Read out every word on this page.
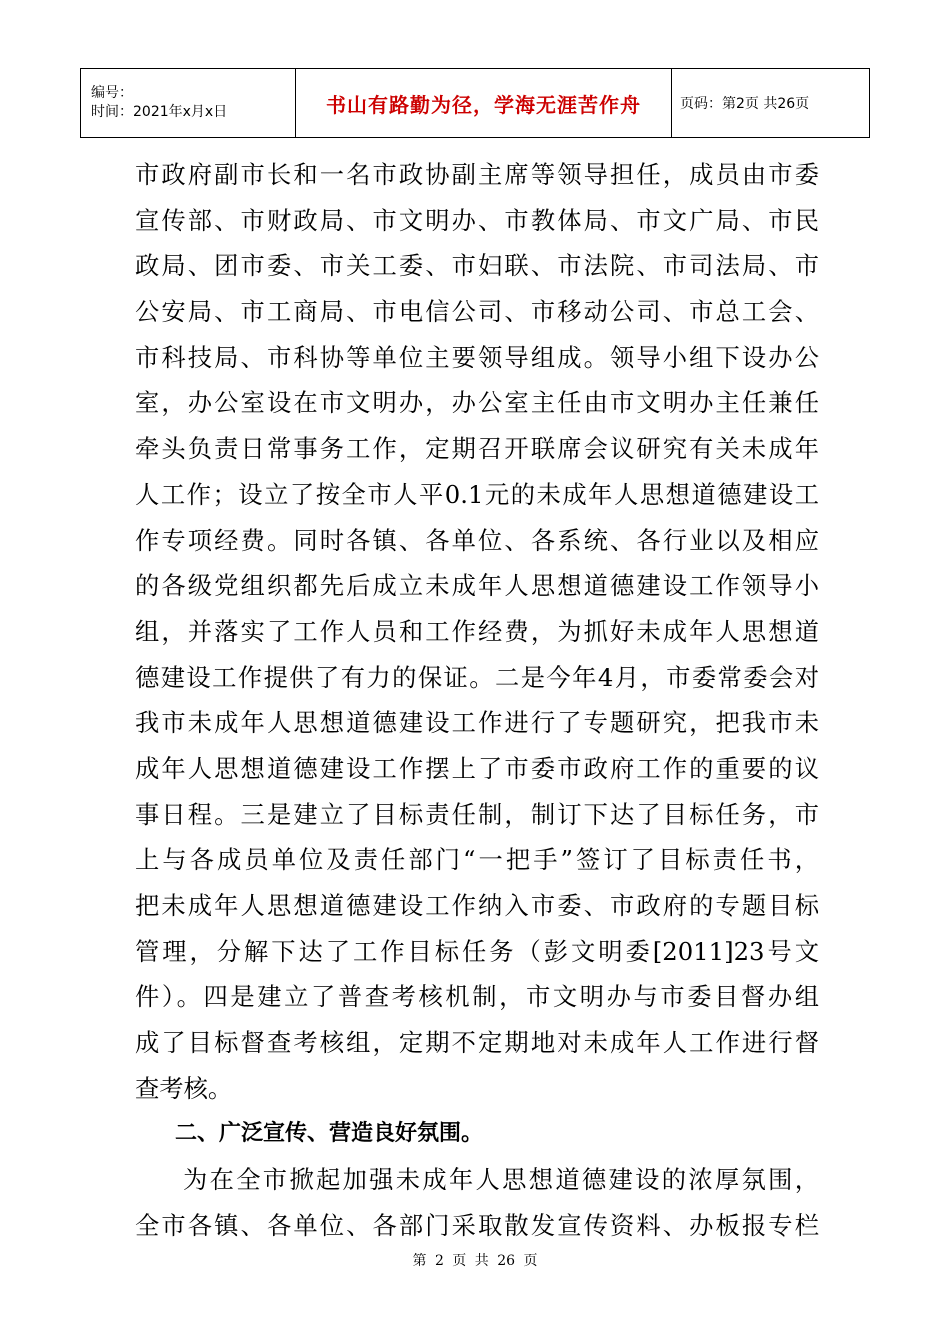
编号：
时间：2021年x月x日	书山有路勤为径，学海无涯苦作舟	页码：第2页 共26页
市政府副市长和一名市政协副主席等领导担任，成员由市委
宣传部、市财政局、市文明办、市教体局、市文广局、市民
政局、团市委、市关工委、市妇联、市法院、市司法局、市
公安局、市工商局、市电信公司、市移动公司、市总工会、
市科技局、市科协等单位主要领导组成。领导小组下设办公
室，办公室设在市文明办，办公室主任由市文明办主任兼任
牵头负责日常事务工作，定期召开联席会议研究有关未成年
人工作；设立了按全市人平0.1元的未成年人思想道德建设工
作专项经费。同时各镇、各单位、各系统、各行业以及相应
的各级党组织都先后成立未成年人思想道德建设工作领导小
组，并落实了工作人员和工作经费，为抓好未成年人思想道
德建设工作提供了有力的保证。二是今年4月，市委常委会对
我市未成年人思想道德建设工作进行了专题研究，把我市未
成年人思想道德建设工作摆上了市委市政府工作的重要的议
事日程。三是建立了目标责任制，制订下达了目标任务，市
上与各成员单位及责任部门“一把手”签订了目标责任书，
把未成年人思想道德建设工作纳入市委、市政府的专题目标
管理，分解下达了工作目标任务（彭文明委[2011]23号文
件）。四是建立了普查考核机制，市文明办与市委目督办组
成了目标督查考核组，定期不定期地对未成年人工作进行督
查考核。
二、广泛宣传、营造良好氛围。
为在全市掀起加强未成年人思想道德建设的浓厚氛围，
全市各镇、各单位、各部门采取散发宣传资料、办板报专栏
第 2 页 共 26 页
